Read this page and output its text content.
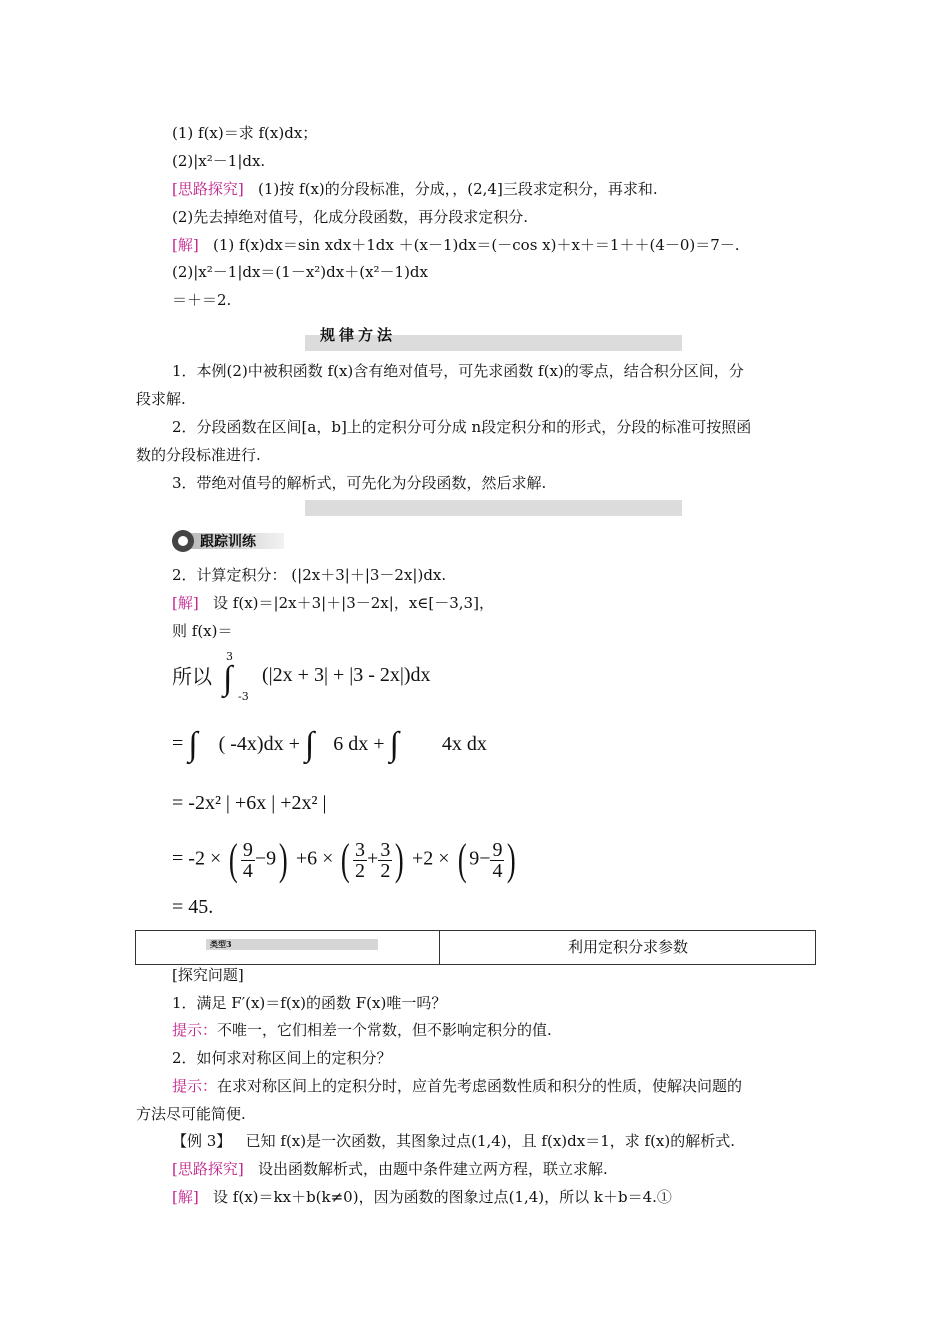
(1) f(x)＝求 f(x)dx；
(2)|x²－1|dx.
[思路探究] (1)按 f(x)的分段标准，分成，，(2,4]三段求定积分，再求和.
(2)先去掉绝对值号，化成分段函数，再分段求定积分.
[解] (1) f(x)dx＝sin xdx＋1dx ＋(x－1)dx＝(－cos x)＋x＋＝1＋＋(4－0)＝7－.
(2)|x²－1|dx＝(1－x²)dx＋(x²－1)dx
＝＋＝2.
规律方法
1．本例(2)中被积函数 f(x)含有绝对值号，可先求函数 f(x)的零点，结合积分区间，分
段求解.
2．分段函数在区间[a，b]上的定积分可分成 n段定积分和的形式，分段的标准可按照函
数的分段标准进行.
3．带绝对值号的解析式，可先化为分段函数，然后求解.
跟踪训练
2．计算定积分： (|2x＋3|＋|3－2x|)dx.
[解] 设 f(x)＝|2x＋3|＋|3－2x|，x∈[－3,3]，
则 f(x)＝
所以 ∫
3
-3
(|2x + 3| + |3 - 2x|)dx
= ∫ ( -4x)dx + ∫ 6 dx + ∫ 4x dx
= -2x² | +6x | +2x² |
= -2 × ( $\frac{9}{4} -9) +6$ × ( $\frac{3}{2} + \frac{3}{2}$ ) +2 × ( $9- \frac{9}{4}$ )
= 45.
类型3	利用定积分求参数
[探究问题]
1．满足 F′(x)＝f(x)的函数 F(x)唯一吗？
提示：不唯一，它们相差一个常数，但不影响定积分的值.
2．如何求对称区间上的定积分？
提示：在求对称区间上的定积分时，应首先考虑函数性质和积分的性质，使解决问题的
方法尽可能简便.
【例 3】 已知 f(x)是一次函数，其图象过点(1,4)，且 f(x)dx＝1，求 f(x)的解析式.
[思路探究] 设出函数解析式，由题中条件建立两方程，联立求解.
[解] 设 f(x)＝kx＋b(k≠0)，因为函数的图象过点(1,4)，所以 k＋b＝4.①
